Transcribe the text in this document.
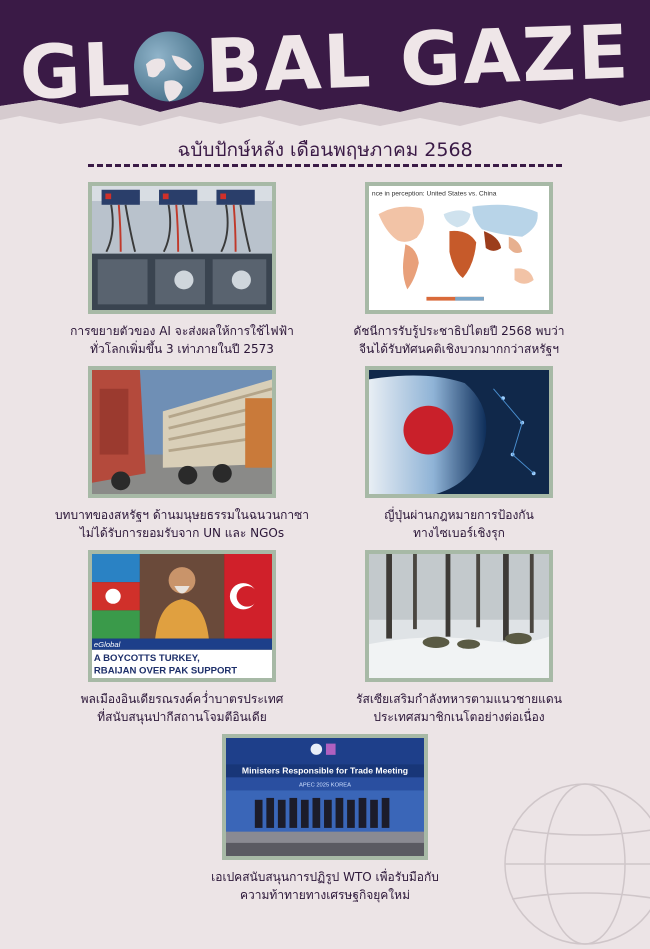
GL BAL GAZE
ฉบับปักษ์หลัง เดือนพฤษภาคม 2568
การขยายตัวของ AI จะส่งผลให้การใช้ไฟฟ้า
ทั่วโลกเพิ่มขึ้น 3 เท่าภายในปี 2573
nce in perception: United States vs. China
ดัชนีการรับรู้ประชาธิปไตยปี 2568 พบว่า
จีนได้รับทัศนคติเชิงบวกมากกว่าสหรัฐฯ
บทบาทของสหรัฐฯ ด้านมนุษยธรรมในฉนวนกาซา
ไม่ได้รับการยอมรับจาก UN และ NGOs
ญี่ปุ่นผ่านกฎหมายการป้องกัน
ทางไซเบอร์เชิงรุก
eGlobal
A BOYCOTTS TURKEY,
RBAIJAN OVER PAK SUPPORT
พลเมืองอินเดียรณรงค์คว่ำบาตรประเทศ
ที่สนับสนุนปากีสถานโจมตีอินเดีย
รัสเซียเสริมกำลังทหารตามแนวชายแดน
ประเทศสมาชิกเนโตอย่างต่อเนื่อง
Ministers Responsible for Trade Meeting
APEC 2025 KOREA
เอเปคสนับสนุนการปฏิรูป WTO เพื่อรับมือกับ
ความท้าทายทางเศรษฐกิจยุคใหม่
